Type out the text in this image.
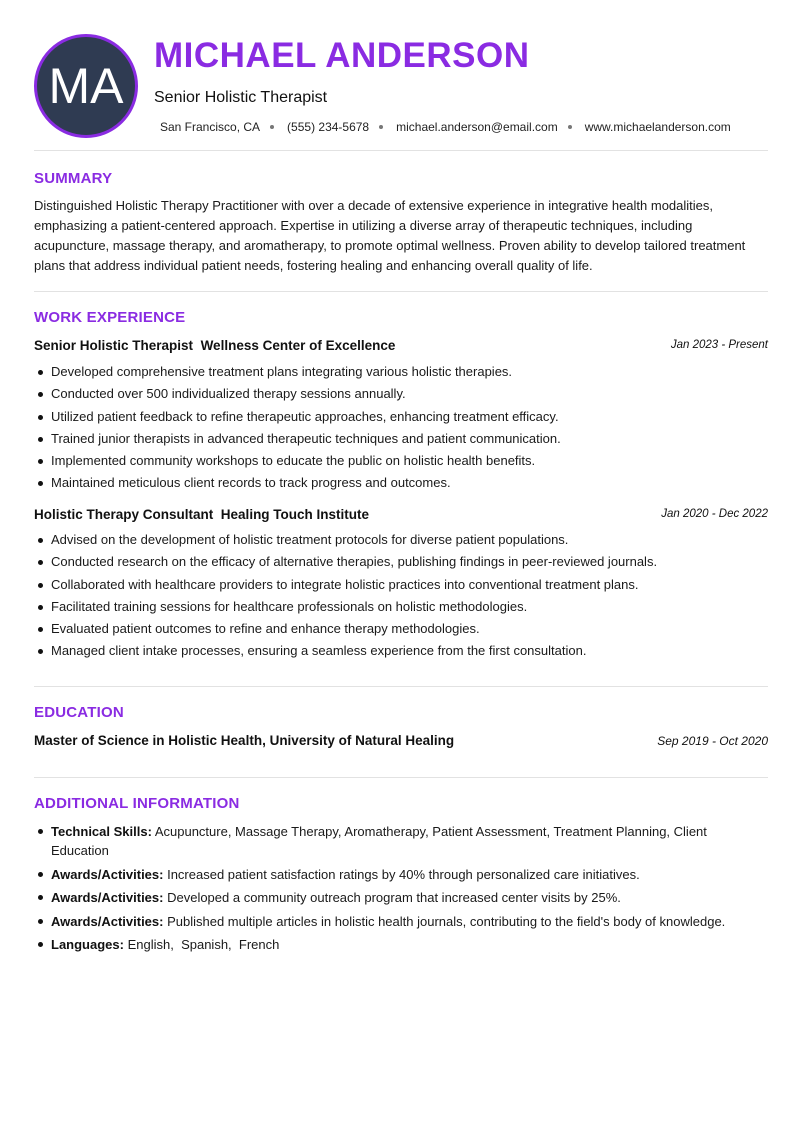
MA
MICHAEL ANDERSON
Senior Holistic Therapist
San Francisco, CA (555) 234-5678 michael.anderson@email.com www.michaelanderson.com
SUMMARY
Distinguished Holistic Therapy Practitioner with over a decade of extensive experience in integrative health modalities, emphasizing a patient-centered approach. Expertise in utilizing a diverse array of therapeutic techniques, including acupuncture, massage therapy, and aromatherapy, to promote optimal wellness. Proven ability to develop tailored treatment plans that address individual patient needs, fostering healing and enhancing overall quality of life.
WORK EXPERIENCE
Senior Holistic Therapist Wellness Center of Excellence	Jan 2023 - Present
Developed comprehensive treatment plans integrating various holistic therapies.
Conducted over 500 individualized therapy sessions annually.
Utilized patient feedback to refine therapeutic approaches, enhancing treatment efficacy.
Trained junior therapists in advanced therapeutic techniques and patient communication.
Implemented community workshops to educate the public on holistic health benefits.
Maintained meticulous client records to track progress and outcomes.
Holistic Therapy Consultant Healing Touch Institute	Jan 2020 - Dec 2022
Advised on the development of holistic treatment protocols for diverse patient populations.
Conducted research on the efficacy of alternative therapies, publishing findings in peer-reviewed journals.
Collaborated with healthcare providers to integrate holistic practices into conventional treatment plans.
Facilitated training sessions for healthcare professionals on holistic methodologies.
Evaluated patient outcomes to refine and enhance therapy methodologies.
Managed client intake processes, ensuring a seamless experience from the first consultation.
EDUCATION
Master of Science in Holistic Health, University of Natural Healing	Sep 2019 - Oct 2020
ADDITIONAL INFORMATION
Technical Skills: Acupuncture, Massage Therapy, Aromatherapy, Patient Assessment, Treatment Planning, Client Education
Awards/Activities: Increased patient satisfaction ratings by 40% through personalized care initiatives.
Awards/Activities: Developed a community outreach program that increased center visits by 25%.
Awards/Activities: Published multiple articles in holistic health journals, contributing to the field's body of knowledge.
Languages: English,  Spanish,  French
